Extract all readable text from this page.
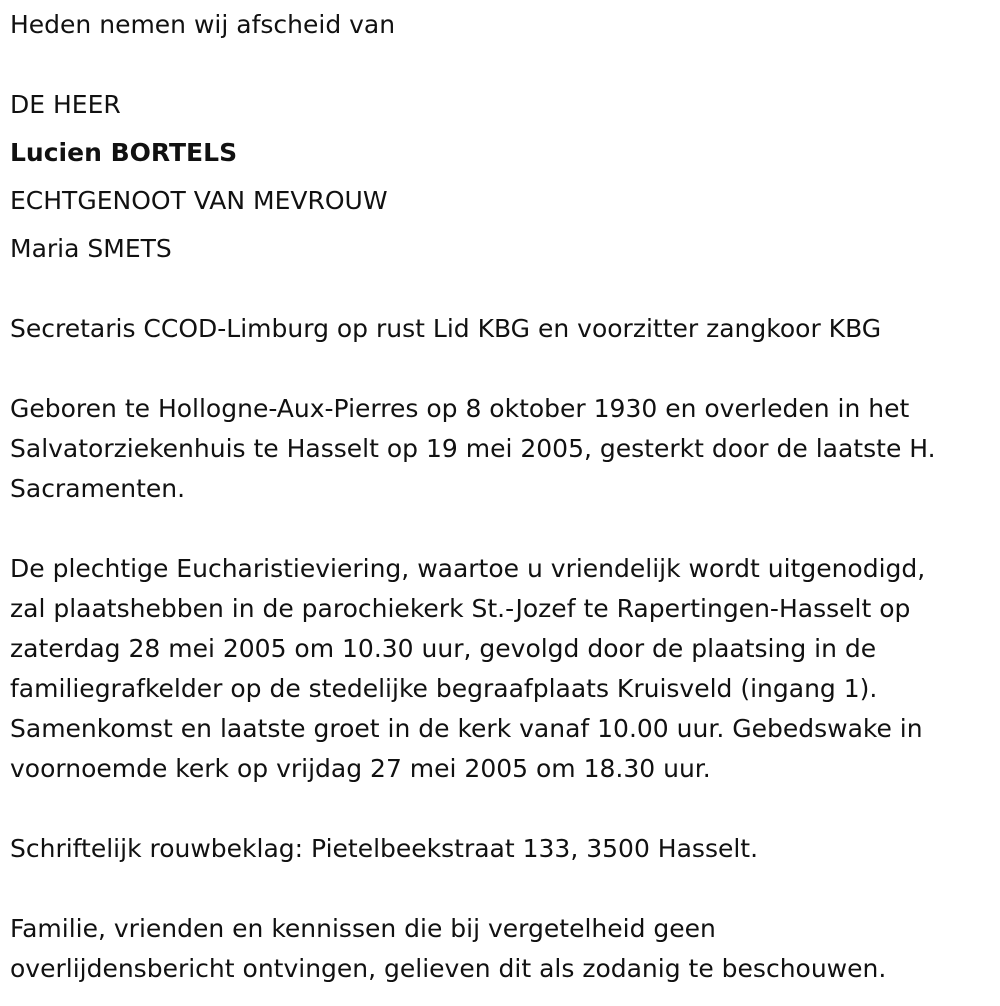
Heden nemen wij afscheid van
DE HEER
Lucien BORTELS
ECHTGENOOT VAN MEVROUW
Maria SMETS
Secretaris CCOD-Limburg op rust Lid KBG en voorzitter zangkoor KBG
Geboren te Hollogne-Aux-Pierres op 8 oktober 1930 en overleden in het
Salvatorziekenhuis te Hasselt op 19 mei 2005, gesterkt door de laatste H.
Sacramenten.
De plechtige Eucharistieviering, waartoe u vriendelijk wordt uitgenodigd,
zal plaatshebben in de parochiekerk St.-Jozef te Rapertingen-Hasselt op
zaterdag 28 mei 2005 om 10.30 uur, gevolgd door de plaatsing in de
familiegrafkelder op de stedelijke begraafplaats Kruisveld (ingang 1).
Samenkomst en laatste groet in de kerk vanaf 10.00 uur. Gebedswake in
voornoemde kerk op vrijdag 27 mei 2005 om 18.30 uur.
Schriftelijk rouwbeklag: Pietelbeekstraat 133, 3500 Hasselt.
Familie, vrienden en kennissen die bij vergetelheid geen
overlijdensbericht ontvingen, gelieven dit als zodanig te beschouwen.
